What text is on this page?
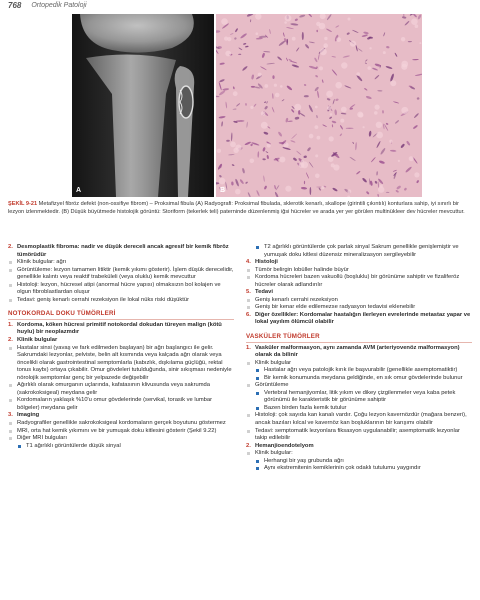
768 Ortopedik Patoloji
A	B
ŞEKİL 9-21 Metafizyel fibröz defekt (non-ossifiye fibrom) – Proksimal fibula (A) Radyografi: Proksimal fibulada, sklerotik kenarlı, skallope (girintili çıkıntılı) konturlara sahip, iyi sınırlı bir lezyon izlenmektedir. (B) Düşük büyütmede histolojik görüntü: Storiform (tekerlek teli) paterninde düzenlenmiş iğsi hücreler ve arada yer yer görülen multinükleer dev hücreler mevcuttur.
2. Desmoplastik fibroma: nadir ve düşük dereceli ancak agresif bir kemik fibröz tümörüdür
Klinik bulgular: ağrı
Görüntüleme: lezyon tamamen litiktir (kemik yıkımı gösterir). İşlem düşük derecelidir, genellikle kalıntı veya reaktif trabeküleli (veya oluklu) kemik mevcuttur
Histoloji: lezyon, hücresel atipi (anormal hücre yapısı) olmaksızın bol kolajen ve olgun fibroblastlardan oluşur
Tedavi: geniş kenarlı cerrahi rezeksiyon ile lokal nüks riski düşüktür
NOTOKORDAL DOKU TÜMÖRLERİ
1. Kordoma, köken hücresi primitif notokordal dokudan türeyen malign (kötü huylu) bir neoplazmdır
2. Klinik bulgular
Hastalar sinsi (yavaş ve fark edilmeden başlayan) bir ağrı başlangıcı ile gelir. Sakrumdaki lezyonlar, pelviste, belin alt kısmında veya kalçada ağrı olarak veya öncelikli olarak gastrointestinal semptomlarla (kabızlık, dışkılama güçlüğü, rektal tonus kaybı) ortaya çıkabilir. Omur gövdeleri tutulduğunda, sinir sıkışması nedeniyle nörolojik semptomlar genç bir yelpazede değişebilir
Ağırlıklı olarak omurganın uçlarında, kafatasının klivusunda veya sakrumda (sakrokoksigeal) meydana gelir
Kordomaların yaklaşık %10'u omur gövdelerinde (servikal, torasik ve lumbar bölgeler) meydana gelir
3. Imaging
Radyografiler genellikle sakrokoksigeal kordomaların gerçek boyutunu göstermez
MRI, orta hat kemik yıkımını ve bir yumuşak doku kitlesini gösterir (Şekil 9.22)
Diğer MRI bulguları
T1 ağırlıklı görüntülerde düşük sinyal
T2 ağırlıklı görüntülerde çok parlak sinyal Sakrum genellikle genişlemiştir ve yumuşak doku kitlesi düzensiz mineralizasyon sergileyebilir
4. Histoloji
Tümör belirgin lobüller halinde büyür
Kordoma hücreleri bazen vakuollü (boşluklu) bir görünüme sahiptir ve fizaliferöz hücreler olarak adlandırılır
5. Tedavi
Geniş kenarlı cerrahi rezeksiyon
Geniş bir kenar elde edilemezse radyasyon tedavisi eklenebilir
6. Diğer özellikler: Kordomalar hastalığın ilerleyen evrelerinde metastaz yapar ve lokal yayılım ölümcül olabilir
VASKÜLER TÜMÖRLER
1. Vasküler malformasyon, aynı zamanda AVM (arteriyovenöz malformasyon) olarak da bilinir
Klinik bulgular
Hastalar ağrı veya patolojik kırık ile başvurabilir (genellikle asemptomatiktir)
Bir kemik konumunda meydana geldiğinde, en sık omur gövdelerinde bulunur
Görüntüleme
Vertebral hemanjiyomlar, litik yıkım ve dikey çizgilenmeler veya kaba petek görünümü ile karakteristik bir görünüme sahiptir
Bazen birden fazla kemik tutulur
Histoloji: çok sayıda kan kanalı vardır. Çoğu lezyon kavernözdür (mağara benzeri), ancak bazıları kılcal ve kavernöz kan boşluklarının bir karışımı olabilir
Tedavi: semptomatik lezyonlara fiksasyon uygulanabilir; asemptomatik lezyonlar takip edilebilir
2. Hemanjioendotelyom
Klinik bulgular:
Herhangi bir yaş grubunda ağrı
Aynı ekstremitenin kemiklerinin çok odaklı tutulumu yaygındır
